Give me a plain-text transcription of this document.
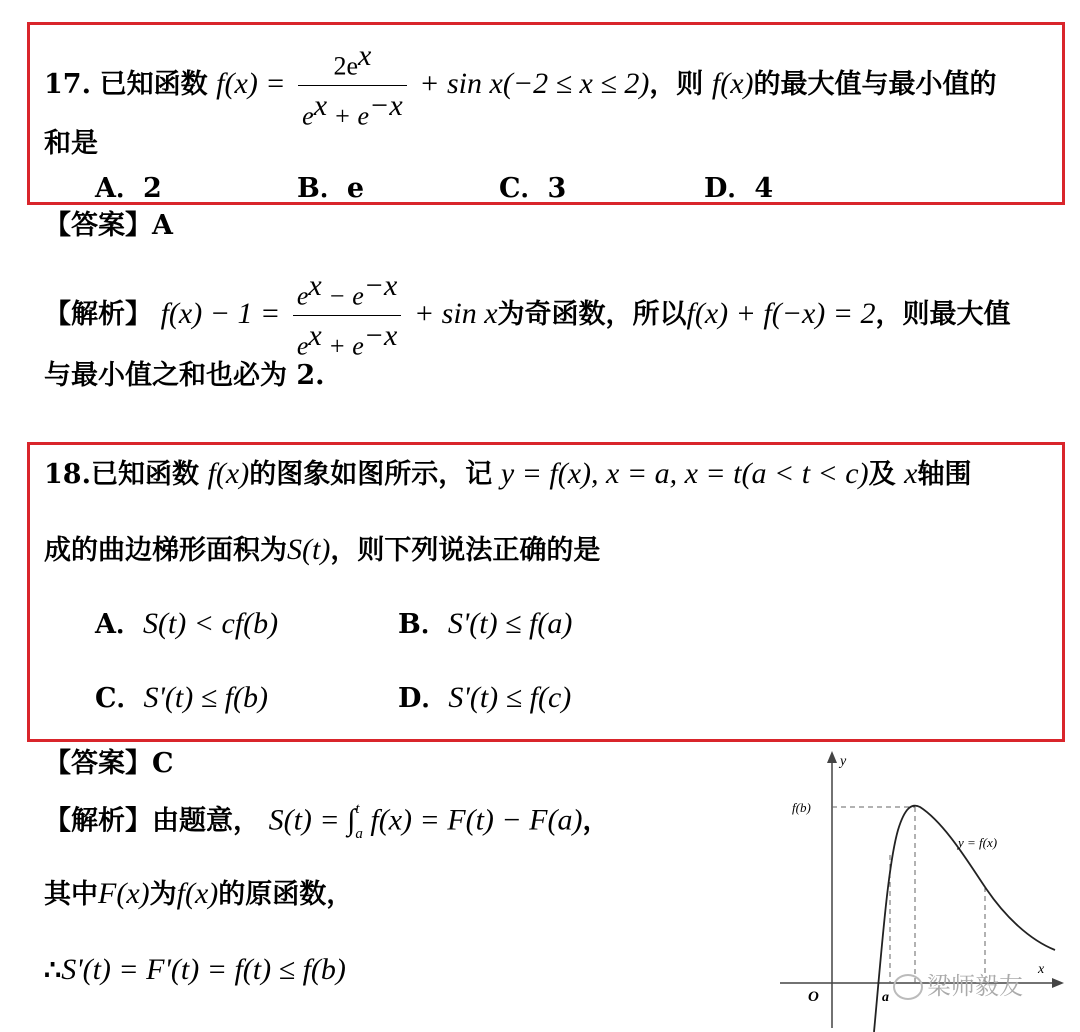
17. 已知函数 $f(x) = \frac{2e^x}{e^x + e^{-x}} + \sin x(-2 \le x \le 2)$，则 f(x)的最大值与最小值的
和是
A．2	B．e	C．3	D．4
【答案】A
【解析】 $f(x) - 1 = \frac{e^x - e^{-x}}{e^x + e^{-x}} + \sin x$为奇函数，所以f(x) + f(−x) = 2，则最大值
与最小值之和也必为 2.
18.已知函数 f(x)的图象如图所示，记 y = f(x), x = a, x = t(a < t < c)及 x轴围
成的曲边梯形面积为S(t)，则下列说法正确的是
A．S(t) < cf(b)	B．S'(t) ≤ f(a)
C．S'(t) ≤ f(b)	D．S'(t) ≤ f(c)
【答案】C
【解析】由题意， S(t) = ∫ t
a f(x) = F(t) − F(a)，
其中F(x)为f(x)的原函数，
∴S'(t) = F'(t) = f(t) ≤ f(b)
y
x
O
f(b)
y = f(x)
a	梁师毅友
